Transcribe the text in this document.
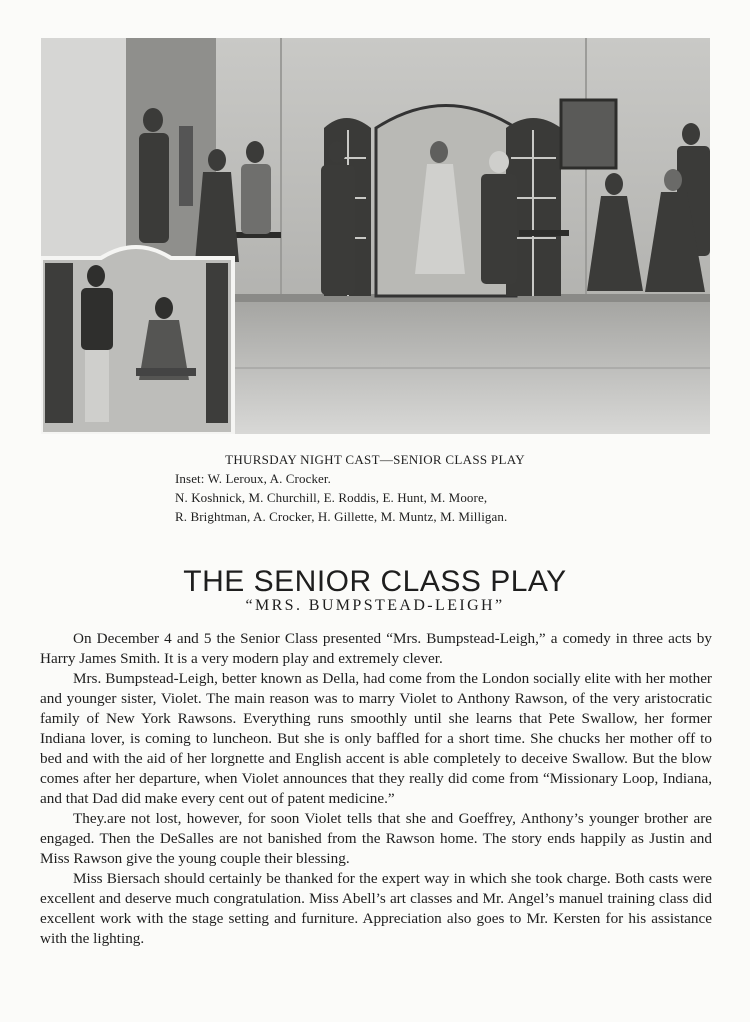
THURSDAY NIGHT CAST—SENIOR CLASS PLAY
Inset: W. Leroux, A. Crocker.
N. Koshnick, M. Churchill, E. Roddis, E. Hunt, M. Moore,
R. Brightman, A. Crocker, H. Gillette, M. Muntz, M. Milligan.
THE SENIOR CLASS PLAY
“MRS. BUMPSTEAD-LEIGH”

On December 4 and 5 the Senior Class presented “Mrs. Bumpstead-Leigh,” a comedy in three acts by Harry James Smith. It is a very modern play and extremely clever.

Mrs. Bumpstead-Leigh, better known as Della, had come from the London socially elite with her mother and younger sister, Violet. The main reason was to marry Violet to Anthony Rawson, of the very aristocratic family of New York Rawsons. Everything runs smoothly until she learns that Pete Swallow, her former Indiana lover, is coming to luncheon. But she is only baffled for a short time. She chucks her mother off to bed and with the aid of her lorgnette and English accent is able completely to deceive Swallow. But the blow comes after her departure, when Violet announces that they really did come from “Missionary Loop, Indiana, and that Dad did make every cent out of patent medicine.”

They.are not lost, however, for soon Violet tells that she and Goeffrey, Anthony’s younger brother are engaged. Then the DeSalles are not banished from the Rawson home. The story ends happily as Justin and Miss Rawson give the young couple their blessing.

Miss Biersach should certainly be thanked for the expert way in which she took charge. Both casts were excellent and deserve much congratulation. Miss Abell’s art classes and Mr. Angel’s manuel training class did excellent work with the stage setting and furniture. Appreciation also goes to Mr. Kersten for his assistance with the lighting.
